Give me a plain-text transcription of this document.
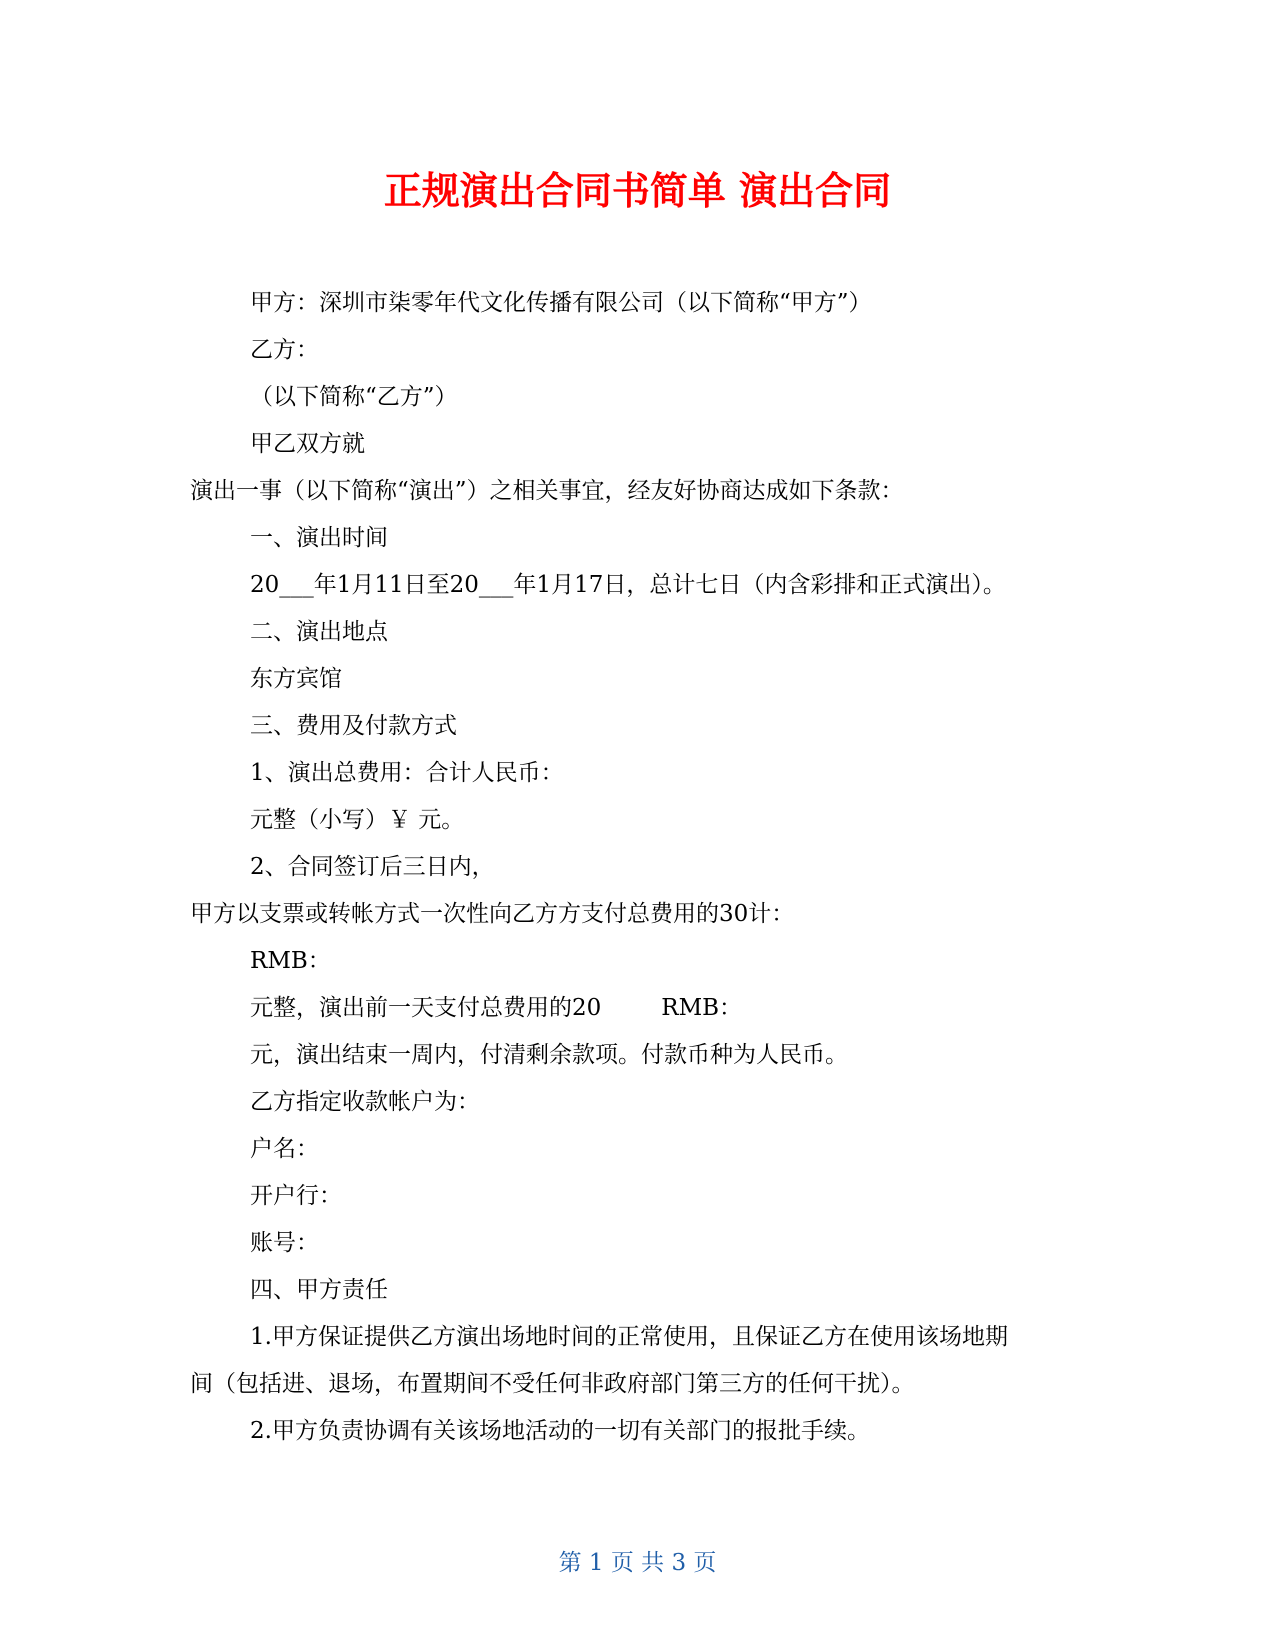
正规演出合同书简单 演出合同
甲方：深圳市柒零年代文化传播有限公司（以下简称“甲方”）
乙方：
（以下简称“乙方”）
甲乙双方就
演出一事（以下简称“演出”）之相关事宜，经友好协商达成如下条款：
一、演出时间
20___年1月11日至20___年1月17日，总计七日（内含彩排和正式演出）。
二、演出地点
东方宾馆
三、费用及付款方式
1、演出总费用：合计人民币：
元整（小写）￥ 元。
2、合同签订后三日内，
甲方以支票或转帐方式一次性向乙方方支付总费用的30计：
RMB：
元整，演出前一天支付总费用的20	RMB：
元，演出结束一周内，付清剩余款项。付款币种为人民币。
乙方指定收款帐户为：
户名：
开户行：
账号：
四、甲方责任
1.甲方保证提供乙方演出场地时间的正常使用，且保证乙方在使用该场地期
间（包括进、退场，布置期间不受任何非政府部门第三方的任何干扰）。
2.甲方负责协调有关该场地活动的一切有关部门的报批手续。
第 1 页 共 3 页
